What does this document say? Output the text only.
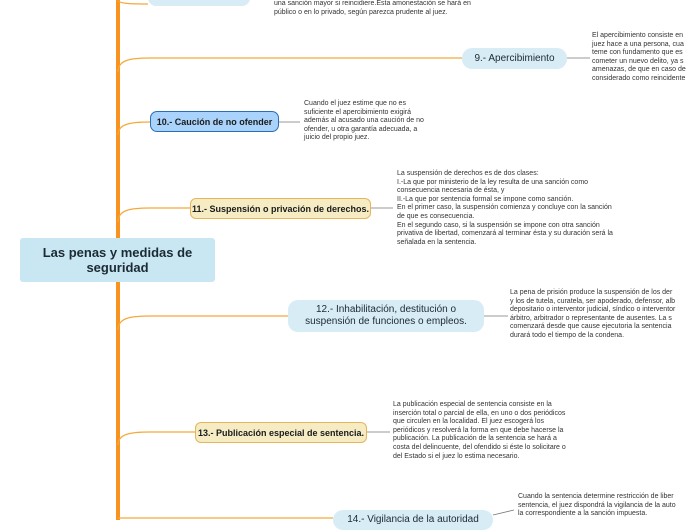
una sanción mayor si reincidiere.Esta amonestación se hará en
público o en lo privado, según parezca prudente al juez.
9.- Apercibimiento
El apercibimiento consiste en
juez hace a una persona, cua
teme con fundamento que es
cometer un nuevo delito, ya s
amenazas, de que en caso de
considerado como reincidente
10.- Caución de no ofender
Cuando el juez estime que no es
suficiente el apercibimiento exigirá
además al acusado una caución de no
ofender, u otra garantía adecuada, a
juicio del propio juez.
11.- Suspensión o privación de derechos.
La suspensión de derechos es de dos clases:
I.-La que por ministerio de la ley resulta de una sanción como
consecuencia necesaria de ésta, y
II.-La que por sentencia formal se impone como sanción.
En el primer caso, la suspensión comienza y concluye con la sanción
de que es consecuencia.
En el segundo caso, si la suspensión se impone con otra sanción
privativa de libertad, comenzará al terminar ésta y su duración será la
señalada en la sentencia.
Las penas y medidas de seguridad
12.- Inhabilitación, destitución o suspensión de funciones o empleos.
La pena de prisión produce la suspensión de los der
y los de tutela, curatela, ser apoderado, defensor, alb
depositario o interventor judicial, síndico o interventor
árbitro, arbitrador o representante de ausentes. La s
comenzará desde que cause ejecutoria la sentencia
durará todo el tiempo de la condena.
13.- Publicación especial de sentencia.
La publicación especial de sentencia consiste en la
inserción total o parcial de ella, en uno o dos periódicos
que circulen en la localidad. El juez escogerá los
periódicos y resolverá la forma en que debe hacerse la
publicación. La publicación de la sentencia se hará a
costa del delincuente, del ofendido si éste lo solicitare o
del Estado si el juez lo estima necesario.
14.- Vigilancia de la autoridad
Cuando la sentencia determine restricción de liber
sentencia, el juez dispondrá la vigilancia de la auto
la correspondiente a la sanción impuesta.
